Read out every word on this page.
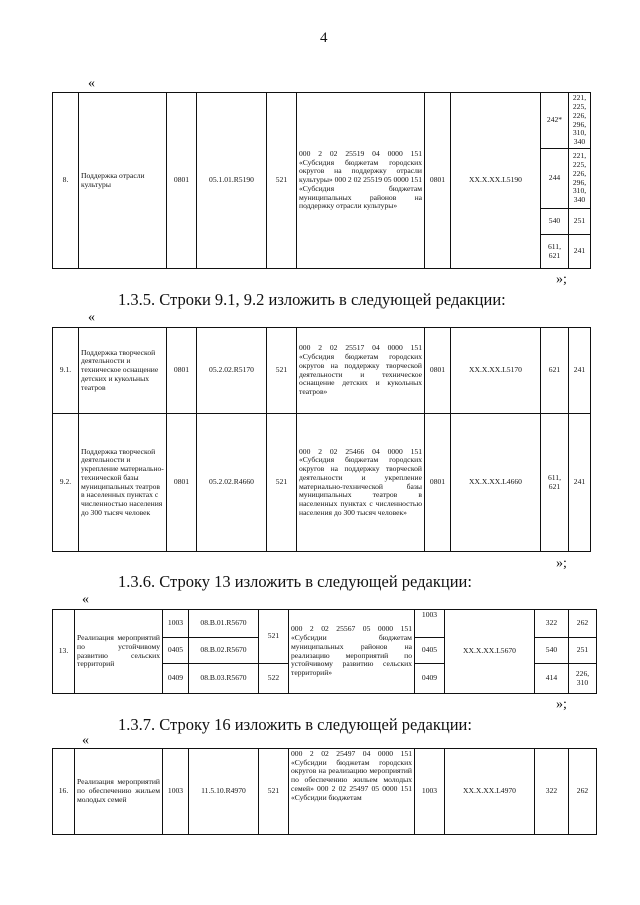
4
«
8.	Поддержка отрасли культуры	0801	05.1.01.R5190	521	000 2 02 25519 04 0000 151 «Субсидия бюджетам городских округов на поддержку отрасли культуры» 000 2 02 25519 05 0000 151 «Субсидия бюджетам муниципальных районов на поддержку отрасли культуры»	0801	ХХ.Х.ХХ.L5190	242*	221, 225, 226, 296, 310, 340
								244	221, 225, 226, 296, 310, 340
								540	251
								611, 621	241
»;
1.3.5. Строки 9.1, 9.2 изложить в следующей редакции:
«
9.1.	Поддержка творческой деятельности и техническое оснащение детских и кукольных театров	0801	05.2.02.R5170	521	000 2 02 25517 04 0000 151 «Субсидия бюджетам городских округов на поддержку творческой деятельности и техническое оснащение детских и кукольных театров»	0801	ХХ.Х.ХХ.L5170	621	241
9.2.	Поддержка творческой деятельности и укрепление материально-технической базы муниципальных театров в населенных пунктах с численностью населения до 300 тысяч человек	0801	05.2.02.R4660	521	000 2 02 25466 04 0000 151 «Субсидия бюджетам городских округов на поддержку творческой деятельности и укрепление материально-технической базы муниципальных театров в населенных пунктах с численностью населения до 300 тысяч человек»	0801	ХХ.Х.ХХ.L4660	611, 621	241
»;
1.3.6. Строку 13 изложить в следующей редакции:
«
13.	Реализация мероприятий по устойчивому развитию сельских территорий	1003	08.В.01.R5670	521	000 2 02 25567 05 0000 151 «Субсидии бюджетам муниципальных районов на реализацию мероприятий по устойчивому развитию сельских территорий»	1003	ХХ.Х.ХХ.L5670	322	262
		0405	08.В.02.R5670			0405		540	251
		0409	08.В.03.R5670	522		0409		414	226, 310
»;
1.3.7. Строку 16 изложить в следующей редакции:
«
16.	Реализация мероприятий по обеспечению жильем молодых семей	1003	11.5.10.R4970	521	000 2 02 25497 04 0000 151 «Субсидии бюджетам городских округов на реализацию мероприятий по обеспечению жильем молодых семей» 000 2 02 25497 05 0000 151 «Субсидии бюджетам	1003	ХХ.Х.ХХ.L4970	322	262
